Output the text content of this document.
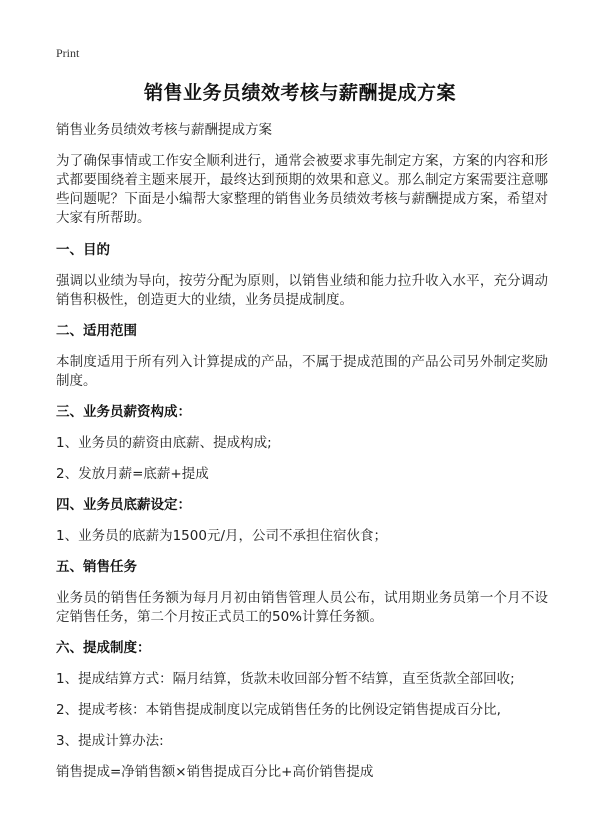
Print
销售业务员绩效考核与薪酬提成方案
销售业务员绩效考核与薪酬提成方案
为了确保事情或工作安全顺利进行，通常会被要求事先制定方案，方案的内容和形式都要围绕着主题来展开，最终达到预期的效果和意义。那么制定方案需要注意哪些问题呢？下面是小编帮大家整理的销售业务员绩效考核与薪酬提成方案，希望对大家有所帮助。
一、目的
强调以业绩为导向，按劳分配为原则，以销售业绩和能力拉升收入水平，充分调动销售积极性，创造更大的业绩，业务员提成制度。
二、适用范围
本制度适用于所有列入计算提成的产品，不属于提成范围的产品公司另外制定奖励制度。
三、业务员薪资构成：
1、业务员的薪资由底薪、提成构成;
2、发放月薪=底薪+提成
四、业务员底薪设定：
1、业务员的底薪为1500元/月，公司不承担住宿伙食；
五、销售任务
业务员的销售任务额为每月月初由销售管理人员公布，试用期业务员第一个月不设定销售任务，第二个月按正式员工的50%计算任务额。
六、提成制度：
1、提成结算方式：隔月结算，货款未收回部分暂不结算，直至货款全部回收;
2、提成考核：本销售提成制度以完成销售任务的比例设定销售提成百分比,
3、提成计算办法:
销售提成=净销售额×销售提成百分比+高价销售提成
